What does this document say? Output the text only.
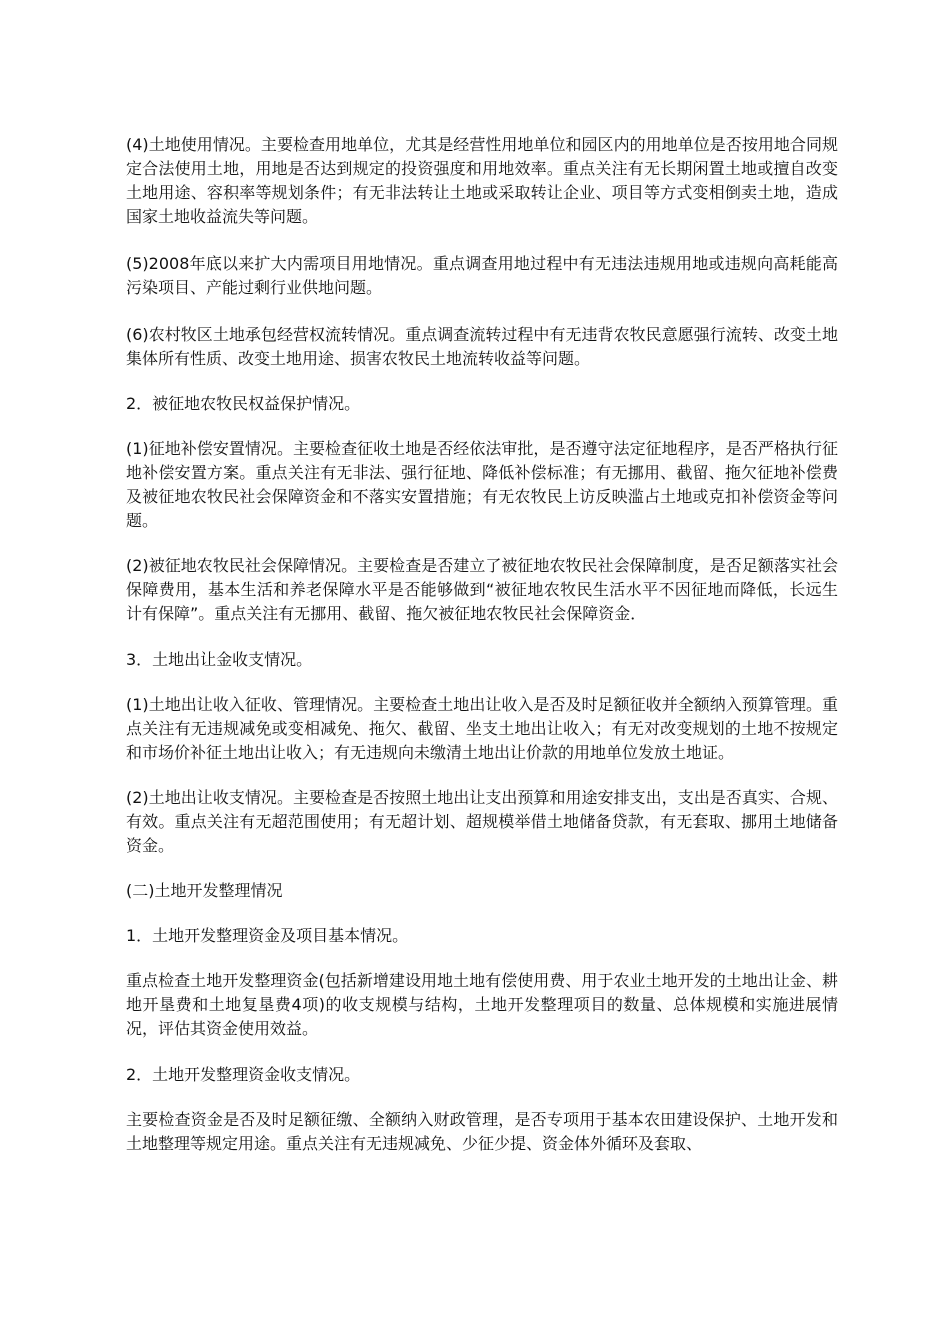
(4)土地使用情况。主要检查用地单位，尤其是经营性用地单位和园区内的用地单位是否按用地合同规定合法使用土地，用地是否达到规定的投资强度和用地效率。重点关注有无长期闲置土地或擅自改变土地用途、容积率等规划条件；有无非法转让土地或采取转让企业、项目等方式变相倒卖土地，造成国家土地收益流失等问题。

(5)2008年底以来扩大内需项目用地情况。重点调查用地过程中有无违法违规用地或违规向高耗能高污染项目、产能过剩行业供地问题。

(6)农村牧区土地承包经营权流转情况。重点调查流转过程中有无违背农牧民意愿强行流转、改变土地集体所有性质、改变土地用途、损害农牧民土地流转收益等问题。

2．被征地农牧民权益保护情况。

(1)征地补偿安置情况。主要检查征收土地是否经依法审批，是否遵守法定征地程序，是否严格执行征地补偿安置方案。重点关注有无非法、强行征地、降低补偿标准；有无挪用、截留、拖欠征地补偿费及被征地农牧民社会保障资金和不落实安置措施；有无农牧民上访反映滥占土地或克扣补偿资金等问题。

(2)被征地农牧民社会保障情况。主要检查是否建立了被征地农牧民社会保障制度，是否足额落实社会保障费用，基本生活和养老保障水平是否能够做到“被征地农牧民生活水平不因征地而降低，长远生计有保障”。重点关注有无挪用、截留、拖欠被征地农牧民社会保障资金．

3．土地出让金收支情况。

(1)土地出让收入征收、管理情况。主要检查土地出让收入是否及时足额征收并全额纳入预算管理。重点关注有无违规减免或变相减免、拖欠、截留、坐支土地出让收入；有无对改变规划的土地不按规定和市场价补征土地出让收入；有无违规向未缴清土地出让价款的用地单位发放土地证。

(2)土地出让收支情况。主要检查是否按照土地出让支出预算和用途安排支出，支出是否真实、合规、有效。重点关注有无超范围使用；有无超计划、超规模举借土地储备贷款，有无套取、挪用土地储备资金。

(二)土地开发整理情况

1．土地开发整理资金及项目基本情况。

重点检查土地开发整理资金(包括新增建设用地土地有偿使用费、用于农业土地开发的土地出让金、耕地开垦费和土地复垦费4项)的收支规模与结构，土地开发整理项目的数量、总体规模和实施进展情况，评估其资金使用效益。

2．土地开发整理资金收支情况。

主要检查资金是否及时足额征缴、全额纳入财政管理，是否专项用于基本农田建设保护、土地开发和土地整理等规定用途。重点关注有无违规减免、少征少提、资金体外循环及套取、
